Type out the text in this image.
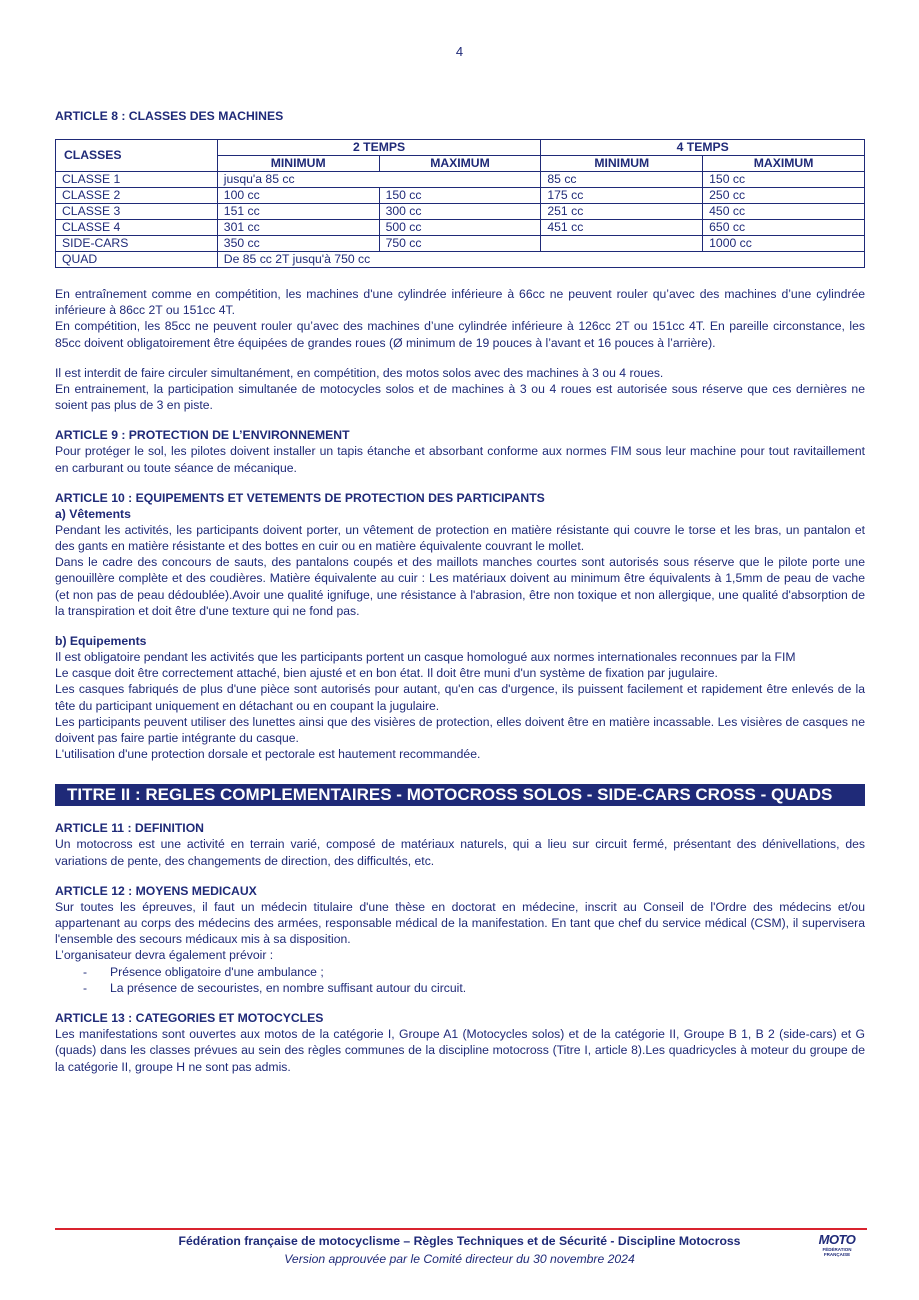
4

ARTICLE 8 : CLASSES DES MACHINES

CLASSES	2 TEMPS		4 TEMPS	
	MINIMUM	MAXIMUM	MINIMUM	MAXIMUM
CLASSE 1	jusqu'a 85 cc		85 cc	150 cc
CLASSE 2	100 cc	150 cc	175 cc	250 cc
CLASSE 3	151 cc	300 cc	251 cc	450 cc
CLASSE 4	301 cc	500 cc	451 cc	650 cc
SIDE-CARS	350 cc	750 cc		1000 cc
QUAD	De 85 cc 2T jusqu'à 750 cc			

En entraînement comme en compétition, les machines d'une cylindrée inférieure à 66cc ne peuvent rouler qu’avec des machines d’une cylindrée inférieure à 86cc 2T ou 151cc 4T.

En compétition, les 85cc ne peuvent rouler qu’avec des machines d’une cylindrée inférieure à 126cc 2T ou 151cc 4T. En pareille circonstance, les 85cc doivent obligatoirement être équipées de grandes roues (Ø minimum de 19 pouces à l’avant et 16 pouces à l’arrière).

Il est interdit de faire circuler simultanément, en compétition, des motos solos avec des machines à 3 ou 4 roues.

En entrainement, la participation simultanée de motocycles solos et de machines à 3 ou 4 roues est autorisée sous réserve que ces dernières ne soient pas plus de 3 en piste.

ARTICLE 9 : PROTECTION DE L’ENVIRONNEMENT

Pour protéger le sol, les pilotes doivent installer un tapis étanche et absorbant conforme aux normes FIM sous leur machine pour tout ravitaillement en carburant ou toute séance de mécanique.

ARTICLE 10 : EQUIPEMENTS ET VETEMENTS DE PROTECTION DES PARTICIPANTS

a) Vêtements

Pendant les activités, les participants doivent porter, un vêtement de protection en matière résistante qui couvre le torse et les bras, un pantalon et des gants en matière résistante et des bottes en cuir ou en matière équivalente couvrant le mollet.

Dans le cadre des concours de sauts, des pantalons coupés et des maillots manches courtes sont autorisés sous réserve que le pilote porte une genouillère complète et des coudières. Matière équivalente au cuir : Les matériaux doivent au minimum être équivalents à 1,5mm de peau de vache (et non pas de peau dédoublée).Avoir une qualité ignifuge, une résistance à l'abrasion, être non toxique et non allergique, une qualité d'absorption de la transpiration et doit être d'une texture qui ne fond pas.

b) Equipements

Il est obligatoire pendant les activités que les participants portent un casque homologué aux normes internationales reconnues par la FIM

Le casque doit être correctement attaché, bien ajusté et en bon état. Il doit être muni d'un système de fixation par jugulaire.

Les casques fabriqués de plus d'une pièce sont autorisés pour autant, qu'en cas d'urgence, ils puissent facilement et rapidement être enlevés de la tête du participant uniquement en détachant ou en coupant la jugulaire.

Les participants peuvent utiliser des lunettes ainsi que des visières de protection, elles doivent être en matière incassable. Les visières de casques ne doivent pas faire partie intégrante du casque.

L'utilisation d'une protection dorsale et pectorale est hautement recommandée.

TITRE II : REGLES COMPLEMENTAIRES - MOTOCROSS SOLOS - SIDE-CARS CROSS - QUADS

ARTICLE 11 : DEFINITION

Un motocross est une activité en terrain varié, composé de matériaux naturels, qui a lieu sur circuit fermé, présentant des dénivellations, des variations de pente, des changements de direction, des difficultés, etc.

ARTICLE 12 : MOYENS MEDICAUX

Sur toutes les épreuves, il faut un médecin titulaire d'une thèse en doctorat en médecine, inscrit au Conseil de l'Ordre des médecins et/ou appartenant au corps des médecins des armées, responsable médical de la manifestation. En tant que chef du service médical (CSM), il supervisera l'ensemble des secours médicaux mis à sa disposition.

L’organisateur devra également prévoir :

- Présence obligatoire d'une ambulance ;
- La présence de secouristes, en nombre suffisant autour du circuit.

ARTICLE 13 : CATEGORIES ET MOTOCYCLES

Les manifestations sont ouvertes aux motos de la catégorie I, Groupe A1 (Motocycles solos) et de la catégorie II, Groupe B 1, B 2 (side-cars) et G (quads) dans les classes prévues au sein des règles communes de la discipline motocross (Titre I, article 8).Les quadricycles à moteur du groupe de la catégorie II, groupe H ne sont pas admis.

Fédération française de motocyclisme – Règles Techniques et de Sécurité - Discipline Motocross
Version approuvée par le Comité directeur du 30 novembre 2024
MOTO
FÉDÉRATION
FRANÇAISE
